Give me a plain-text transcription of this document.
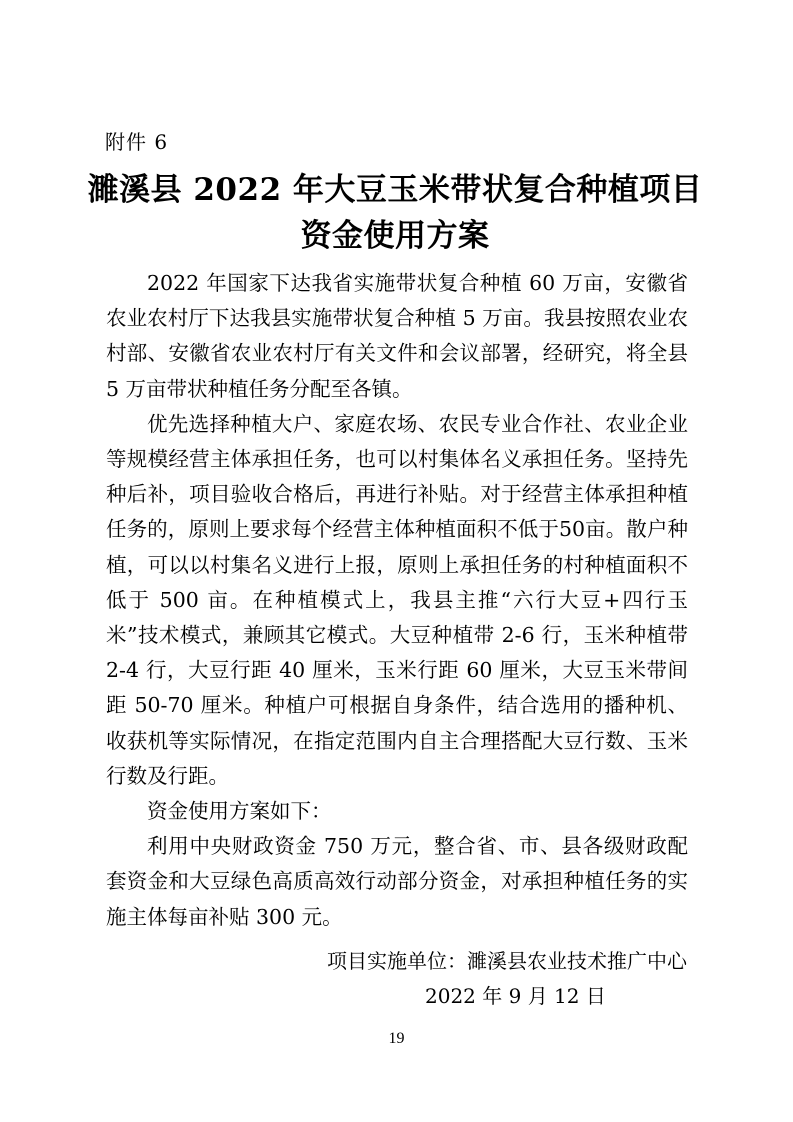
附件 6
濉溪县 2022 年大豆玉米带状复合种植项目
资金使用方案

2022 年国家下达我省实施带状复合种植 60 万亩，安徽省农业农村厅下达我县实施带状复合种植 5 万亩。我县按照农业农村部、安徽省农业农村厅有关文件和会议部署，经研究，将全县 5 万亩带状种植任务分配至各镇。

优先选择种植大户、家庭农场、农民专业合作社、农业企业等规模经营主体承担任务，也可以村集体名义承担任务。坚持先种后补，项目验收合格后，再进行补贴。对于经营主体承担种植任务的，原则上要求每个经营主体种植面积不低于50亩。散户种植，可以以村集名义进行上报，原则上承担任务的村种植面积不低于 500 亩。在种植模式上，我县主推“六行大豆+四行玉米”技术模式，兼顾其它模式。大豆种植带 2-6 行，玉米种植带 2-4 行，大豆行距 40 厘米，玉米行距 60 厘米，大豆玉米带间距 50-70 厘米。种植户可根据自身条件，结合选用的播种机、收获机等实际情况，在指定范围内自主合理搭配大豆行数、玉米行数及行距。

资金使用方案如下：

利用中央财政资金 750 万元，整合省、市、县各级财政配套资金和大豆绿色高质高效行动部分资金，对承担种植任务的实施主体每亩补贴 300 元。

项目实施单位：濉溪县农业技术推广中心
2022 年 9 月 12 日
19
